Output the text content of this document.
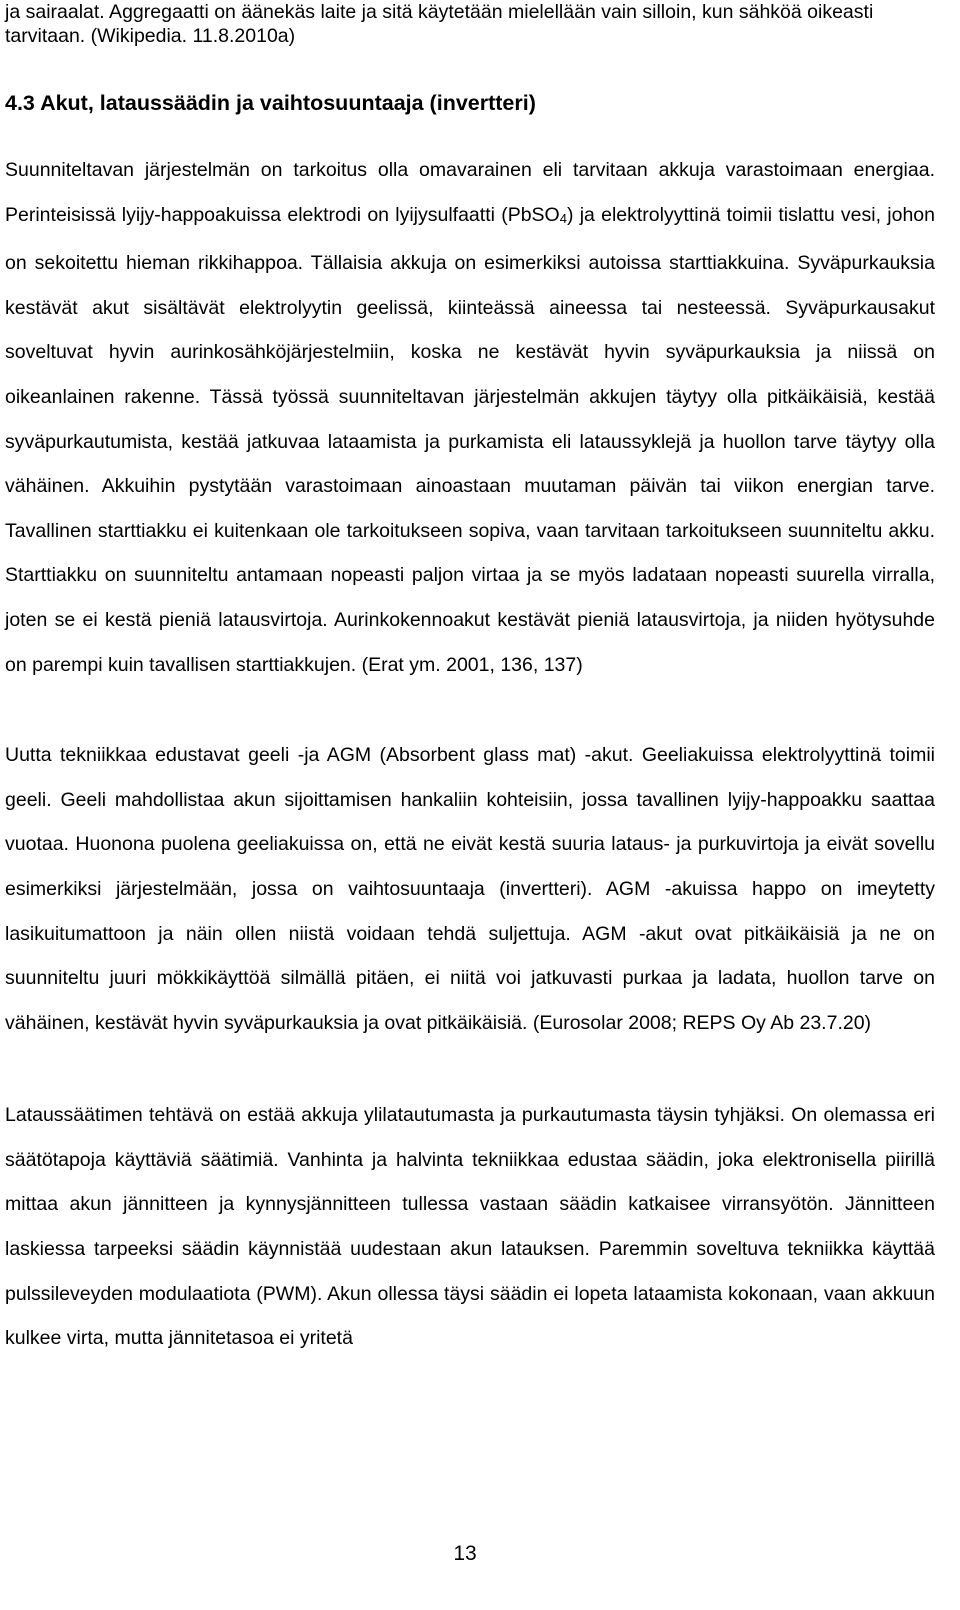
ja sairaalat. Aggregaatti on äänekäs laite ja sitä käytetään mielellään vain silloin, kun sähköä oikeasti tarvitaan. (Wikipedia. 11.8.2010a)

4.3 Akut, lataussäädin ja vaihtosuuntaaja (invertteri)

Suunniteltavan järjestelmän on tarkoitus olla omavarainen eli tarvitaan akkuja varastoimaan energiaa. Perinteisissä lyijy-happoakuissa elektrodi on lyijysulfaatti (PbSO$_4$) ja elektrolyyttinä toimii tislattu vesi, johon on sekoitettu hieman rikkihappoa. Tällaisia akkuja on esimerkiksi autoissa starttiakkuina. Syväpurkauksia kestävät akut sisältävät elektrolyytin geelissä, kiinteässä aineessa tai nesteessä. Syväpurkausakut soveltuvat hyvin aurinkosähköjärjestelmiin, koska ne kestävät hyvin syväpurkauksia ja niissä on oikeanlainen rakenne. Tässä työssä suunniteltavan järjestelmän akkujen täytyy olla pitkäikäisiä, kestää syväpurkautumista, kestää jatkuvaa lataamista ja purkamista eli lataussyklejä ja huollon tarve täytyy olla vähäinen. Akkuihin pystytään varastoimaan ainoastaan muutaman päivän tai viikon energian tarve. Tavallinen starttiakku ei kuitenkaan ole tarkoitukseen sopiva, vaan tarvitaan tarkoitukseen suunniteltu akku. Starttiakku on suunniteltu antamaan nopeasti paljon virtaa ja se myös ladataan nopeasti suurella virralla, joten se ei kestä pieniä latausvirtoja. Aurinkokennoakut kestävät pieniä latausvirtoja, ja niiden hyötysuhde on parempi kuin tavallisen starttiakkujen. (Erat ym. 2001, 136, 137)

Uutta tekniikkaa edustavat geeli -ja AGM (Absorbent glass mat) -akut. Geeliakuissa elektrolyyttinä toimii geeli. Geeli mahdollistaa akun sijoittamisen hankaliin kohteisiin, jossa tavallinen lyijy-happoakku saattaa vuotaa. Huonona puolena geeliakuissa on, että ne eivät kestä suuria lataus- ja purkuvirtoja ja eivät sovellu esimerkiksi järjestelmään, jossa on vaihtosuuntaaja (invertteri). AGM -akuissa happo on imeytetty lasikuitumattoon ja näin ollen niistä voidaan tehdä suljettuja. AGM -akut ovat pitkäikäisiä ja ne on suunniteltu juuri mökkikäyttöä silmällä pitäen, ei niitä voi jatkuvasti purkaa ja ladata, huollon tarve on vähäinen, kestävät hyvin syväpurkauksia ja ovat pitkäikäisiä. (Eurosolar 2008; REPS Oy Ab 23.7.20)

Lataussäätimen tehtävä on estää akkuja ylilatautumasta ja purkautumasta täysin tyhjäksi. On olemassa eri säätötapoja käyttäviä säätimiä. Vanhinta ja halvinta tekniikkaa edustaa säädin, joka elektronisella piirillä mittaa akun jännitteen ja kynnysjännitteen tullessa vastaan säädin katkaisee virransyötön. Jännitteen laskiessa tarpeeksi säädin käynnistää uudestaan akun latauksen. Paremmin soveltuva tekniikka käyttää pulssileveyden modulaatiota (PWM). Akun ollessa täysi säädin ei lopeta lataamista kokonaan, vaan akkuun kulkee virta, mutta jännitetasoa ei yritetä

13
